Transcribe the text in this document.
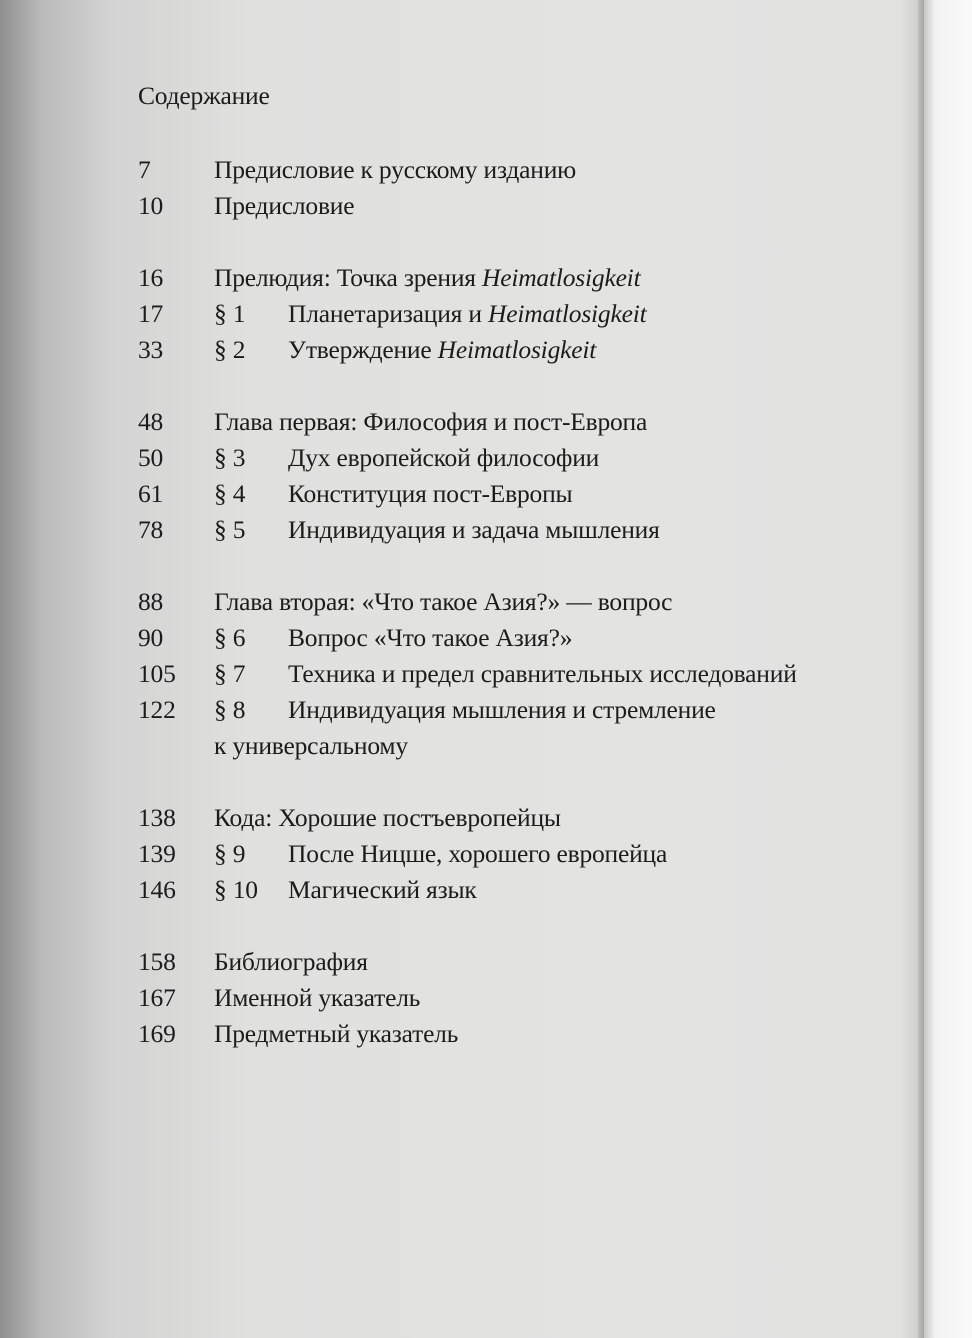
Содержание
7 Предисловие к русскому изданию
10 Предисловие
16 Прелюдия: Точка зрения Heimatlosigkeit
17 § 1 Планетаризация и Heimatlosigkeit
33 § 2 Утверждение Heimatlosigkeit
48 Глава первая: Философия и пост-Европа
50 § 3 Дух европейской философии
61 § 4 Конституция пост-Европы
78 § 5 Индивидуация и задача мышления
88 Глава вторая: «Что такое Азия?» — вопрос
90 § 6 Вопрос «Что такое Азия?»
105 § 7 Техника и предел сравнительных исследований
122 § 8 Индивидуация мышления и стремление
к универсальному
138 Кода: Хорошие постъевропейцы
139 § 9 После Ницше, хорошего европейца
146 § 10 Магический язык
158 Библиография
167 Именной указатель
169 Предметный указатель
